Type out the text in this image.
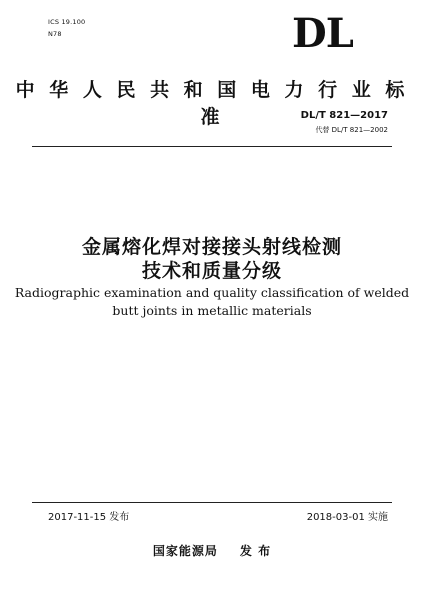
ICS 19.100
N78	DL
中 华 人 民 共 和 国 电 力 行 业 标 准	DL/T 821—2017
代替 DL/T 821—2002
金属熔化焊对接接头射线检测
技术和质量分级
Radiographic examination and quality classification of welded
butt joints in metallic materials
2017-11-15 发布	2018-03-01 实施
国家能源局 发 布
